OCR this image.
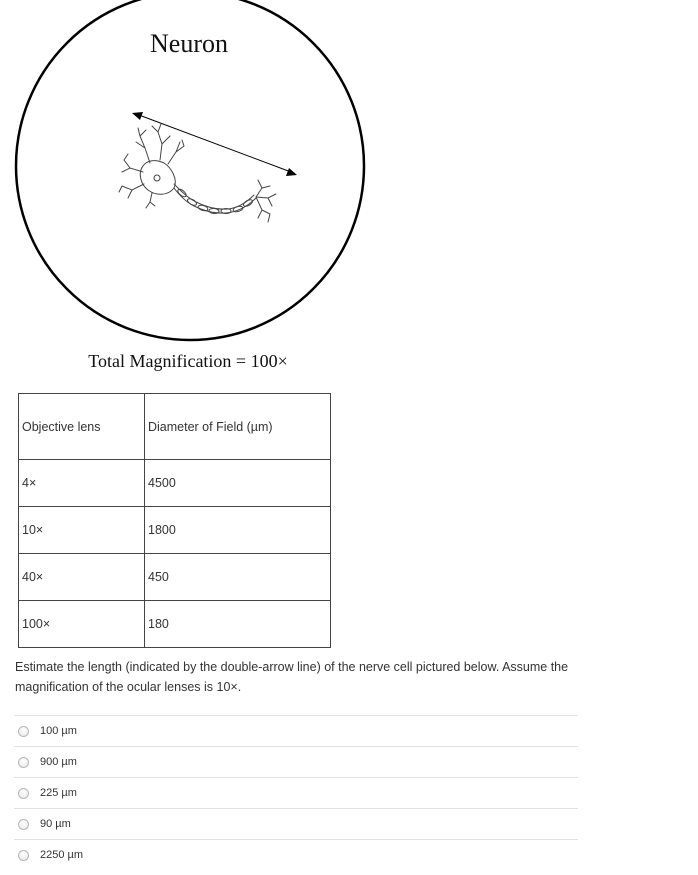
Neuron
Total Magnification = 100×
Objective lens	Diameter of Field (µm)
4×	4500
10×	1800
40×	450
100×	180
Estimate the length (indicated by the double-arrow line) of the nerve cell pictured below. Assume the magnification of the ocular lenses is 10×.
100 µm
900 µm
225 µm
90 µm
2250 µm
